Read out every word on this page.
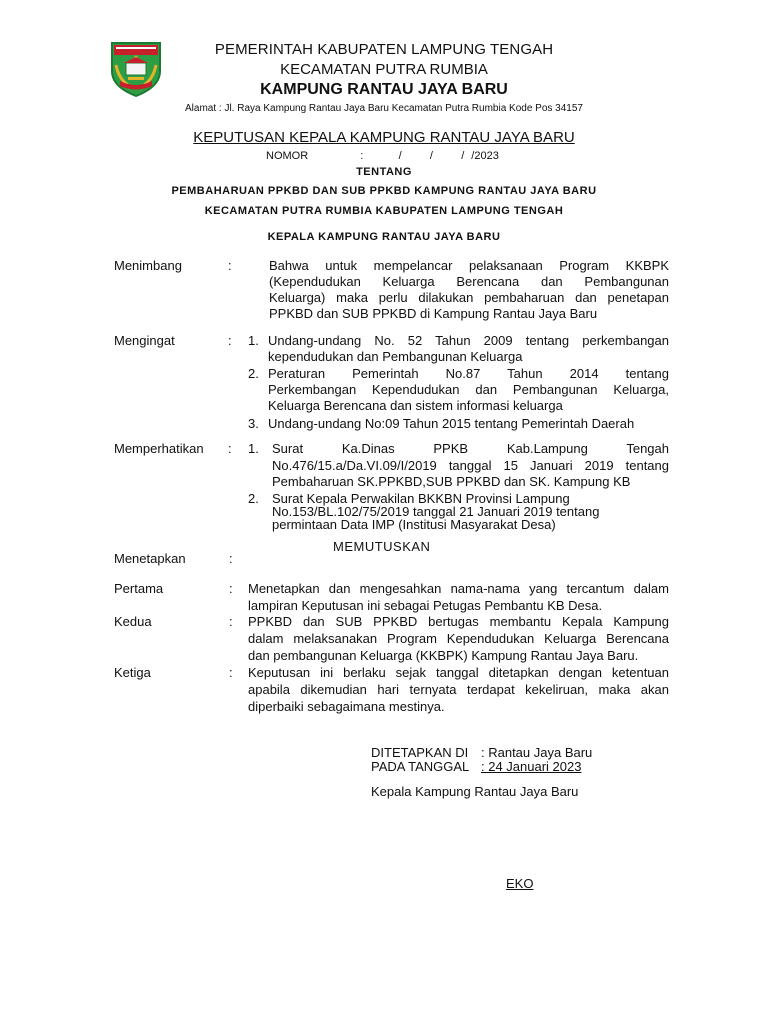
PEMERINTAH KABUPATEN LAMPUNG TENGAH
KECAMATAN PUTRA RUMBIA
KAMPUNG RANTAU JAYA BARU
Alamat : Jl. Raya Kampung Rantau Jaya Baru Kecamatan Putra Rumbia Kode Pos 34157
KEPUTUSAN KEPALA KAMPUNG RANTAU JAYA BARU
NOMOR	:     /    /    / /2023
TENTANG
PEMBAHARUAN PPKBD DAN SUB PPKBD KAMPUNG RANTAU JAYA BARU
KECAMATAN PUTRA RUMBIA KABUPATEN LAMPUNG TENGAH
KEPALA KAMPUNG RANTAU JAYA BARU
Menimbang	:	Bahwa untuk mempelancar pelaksanaan Program KKBPK
(Kependudukan Keluarga Berencana dan Pembangunan
Keluarga) maka perlu dilakukan pembaharuan dan penetapan
PPKBD dan SUB PPKBD di Kampung Rantau Jaya Baru
Mengingat	: 1. Undang-undang No. 52 Tahun 2009 tentang perkembangan
kependudukan dan Pembangunan Keluarga
2. Peraturan Pemerintah No.87 Tahun 2014 tentang
Perkembangan Kependudukan dan Pembangunan Keluarga,
Keluarga Berencana dan sistem informasi keluarga
3. Undang-undang No:09 Tahun 2015 tentang Pemerintah Daerah
Memperhatikan : 1. Surat Ka.Dinas PPKB Kab.Lampung Tengah
No.476/15.a/Da.VI.09/I/2019 tanggal 15 Januari 2019 tentang
Pembaharuan SK.PPKBD,SUB PPKBD dan SK. Kampung KB
2. Surat Kepala Perwakilan BKKBN Provinsi Lampung
No.153/BL.102/75/2019 tanggal 21 Januari 2019 tentang
permintaan Data IMP (Institusi Masyarakat Desa)
MEMUTUSKAN
Menetapkan	:
Pertama	: Menetapkan dan mengesahkan nama-nama yang tercantum dalam
lampiran Keputusan ini sebagai Petugas Pembantu KB Desa.
Kedua	: PPKBD dan SUB PPKBD bertugas membantu Kepala Kampung
dalam melaksanakan Program Kependudukan Keluarga Berencana
dan pembangunan Keluarga (KKBPK) Kampung Rantau Jaya Baru.
Ketiga	: Keputusan ini berlaku sejak tanggal ditetapkan dengan ketentuan
apabila dikemudian hari ternyata terdapat kekeliruan, maka akan
diperbaiki sebagaimana mestinya.
DITETAPKAN DI : Rantau Jaya Baru
PADA TANGGAL : 24 Januari 2023
Kepala Kampung Rantau Jaya Baru
EKO
